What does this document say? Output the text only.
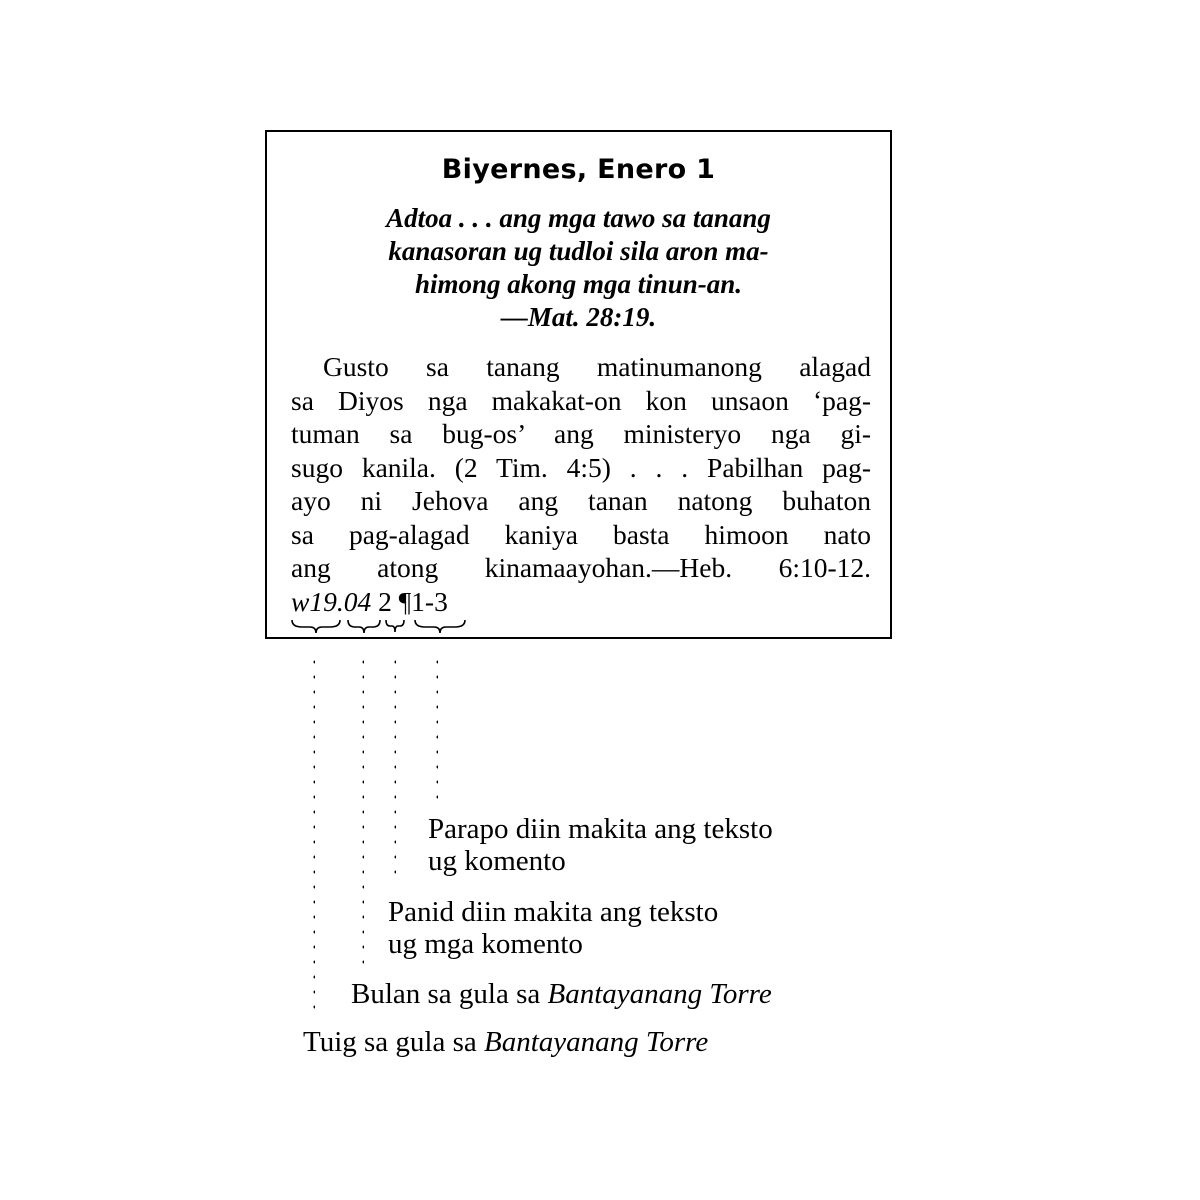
Biyernes, Enero 1
Adtoa . . . ang mga tawo sa tanang
kanasoran ug tudloi sila aron ma-
himong akong mga tinun-an.
—Mat. 28:19.
Gusto sa tanang matinumanong alagad
sa Diyos nga makakat-on kon unsaon ‘pag-
tuman sa bug-os’ ang ministeryo nga gi-
sugo kanila. (2 Tim. 4:5) . . . Pabilhan pag-
ayo ni Jehova ang tanan natong buhaton
sa pag-alagad kaniya basta himoon nato
ang atong kinamaayohan.—Heb. 6:10-12.
w19.04 2 ¶1-3
Parapo diin makita ang teksto
ug komento
Panid diin makita ang teksto
ug mga komento
Bulan sa gula sa Bantayanang Torre
Tuig sa gula sa Bantayanang Torre
